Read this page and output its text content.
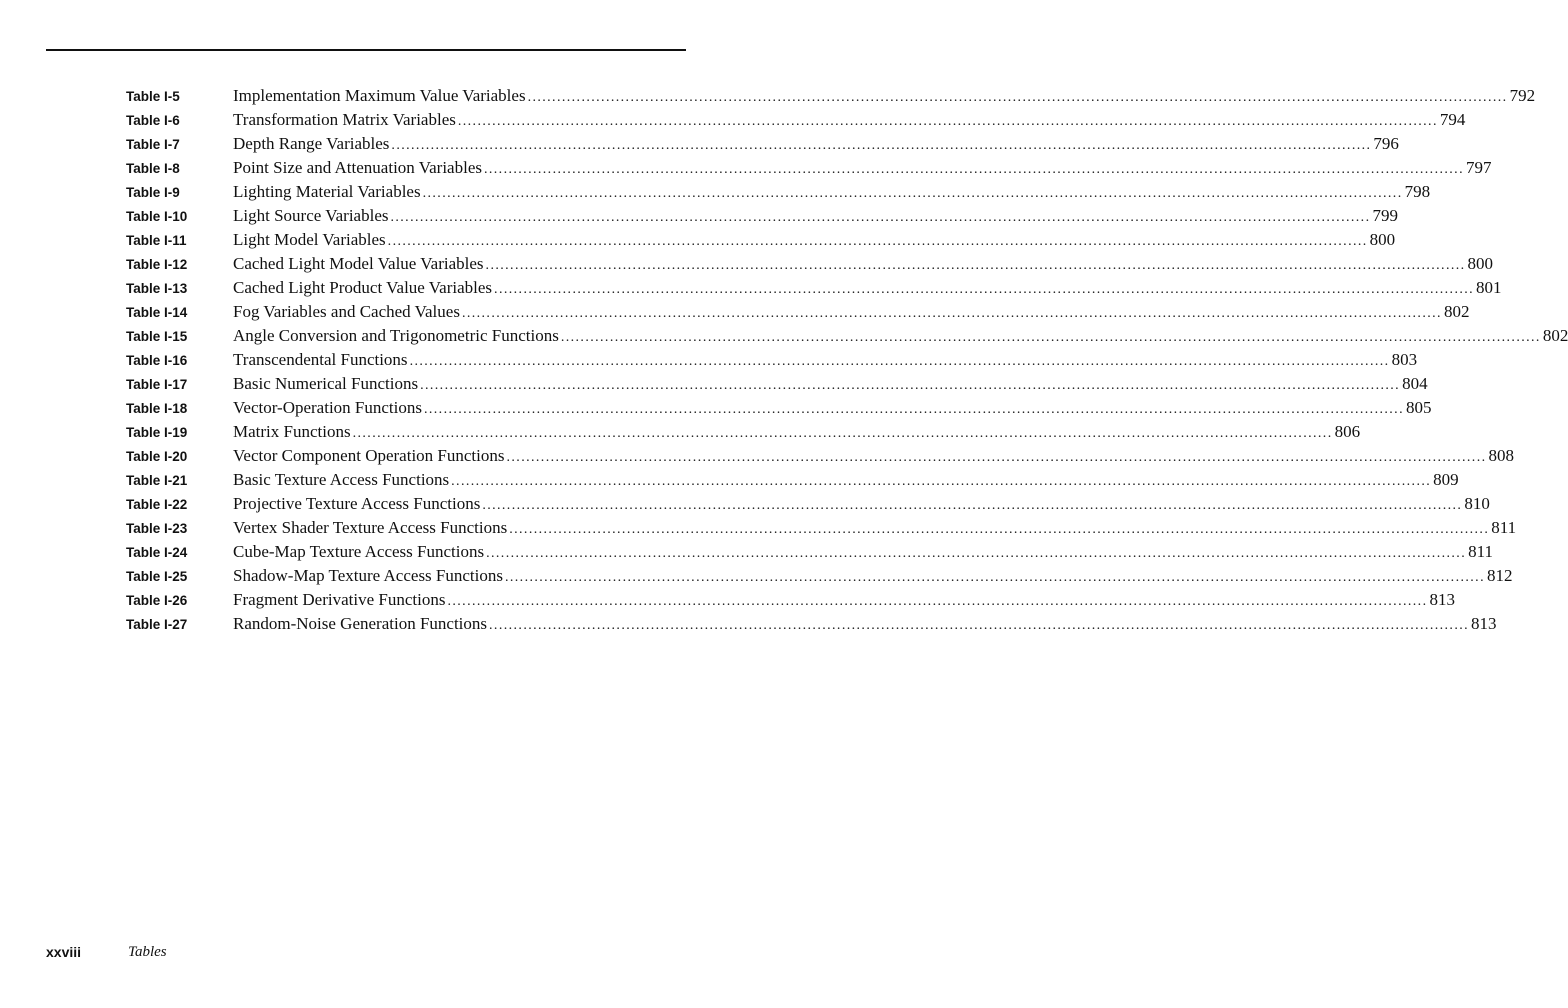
Table I-5	Implementation Maximum Value Variables ........................................................................................................................................................................................................ 792
Table I-6	Transformation Matrix Variables ........................................................................................................................................................................................................ 794
Table I-7	Depth Range Variables ........................................................................................................................................................................................................ 796
Table I-8	Point Size and Attenuation Variables ........................................................................................................................................................................................................ 797
Table I-9	Lighting Material Variables ........................................................................................................................................................................................................ 798
Table I-10	Light Source Variables ........................................................................................................................................................................................................ 799
Table I-11	Light Model Variables ........................................................................................................................................................................................................ 800
Table I-12	Cached Light Model Value Variables ........................................................................................................................................................................................................ 800
Table I-13	Cached Light Product Value Variables ........................................................................................................................................................................................................ 801
Table I-14	Fog Variables and Cached Values ........................................................................................................................................................................................................ 802
Table I-15	Angle Conversion and Trigonometric Functions ........................................................................................................................................................................................................ 802
Table I-16	Transcendental Functions ........................................................................................................................................................................................................ 803
Table I-17	Basic Numerical Functions ........................................................................................................................................................................................................ 804
Table I-18	Vector-Operation Functions ........................................................................................................................................................................................................ 805
Table I-19	Matrix Functions ........................................................................................................................................................................................................ 806
Table I-20	Vector Component Operation Functions ........................................................................................................................................................................................................ 808
Table I-21	Basic Texture Access Functions ........................................................................................................................................................................................................ 809
Table I-22	Projective Texture Access Functions ........................................................................................................................................................................................................ 810
Table I-23	Vertex Shader Texture Access Functions ........................................................................................................................................................................................................ 811
Table I-24	Cube-Map Texture Access Functions ........................................................................................................................................................................................................ 811
Table I-25	Shadow-Map Texture Access Functions ........................................................................................................................................................................................................ 812
Table I-26	Fragment Derivative Functions ........................................................................................................................................................................................................ 813
Table I-27	Random-Noise Generation Functions ........................................................................................................................................................................................................ 813
xxviii	Tables
